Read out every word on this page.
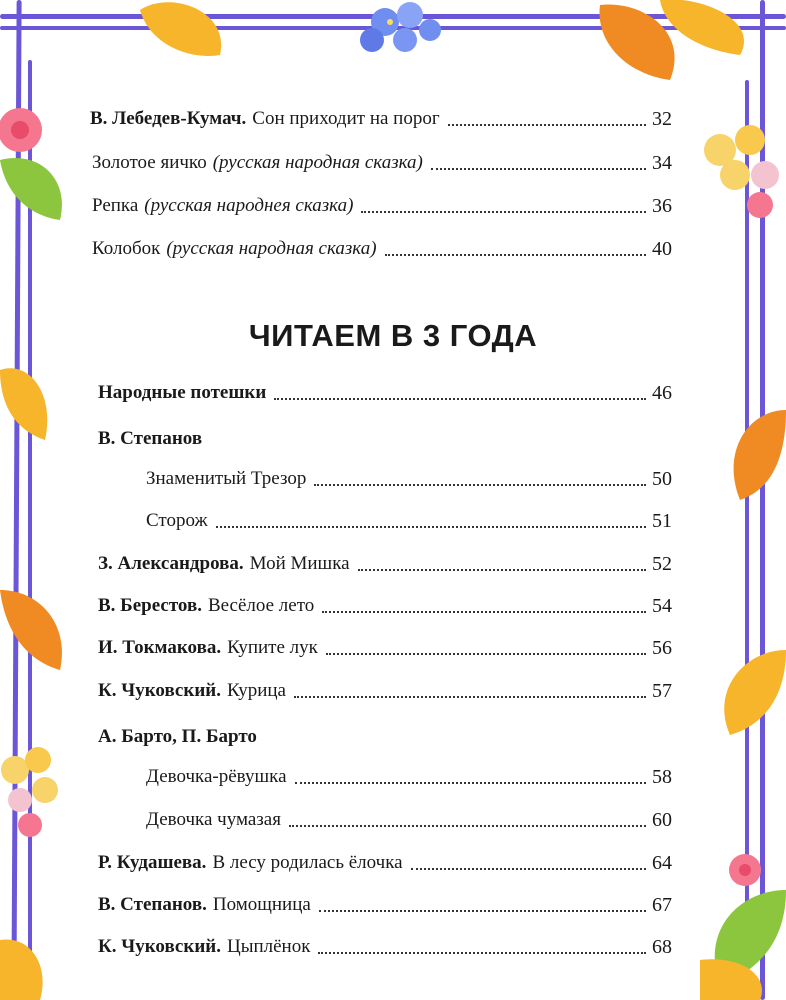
В. Лебедев-Кумач. Сон приходит на порог	32
Золотое яичко (русская народная сказка)	34
Репка (русская народнея сказка)	36
Колобок (русская народная сказка)	40
ЧИТАЕМ В 3 ГОДА
Народные потешки	46
В. Степанов
Знаменитый Трезор	50
Сторож	51
З. Александрова. Мой Мишка	52
В. Берестов. Весёлое лето	54
И. Токмакова. Купите лук	56
К. Чуковский. Курица	57
А. Барто, П. Барто
Девочка-рёвушка	58
Девочка чумазая	60
Р. Кудашева. В лесу родилась ёлочка	64
В. Степанов. Помощница	67
К. Чуковский. Цыплёнок	68
